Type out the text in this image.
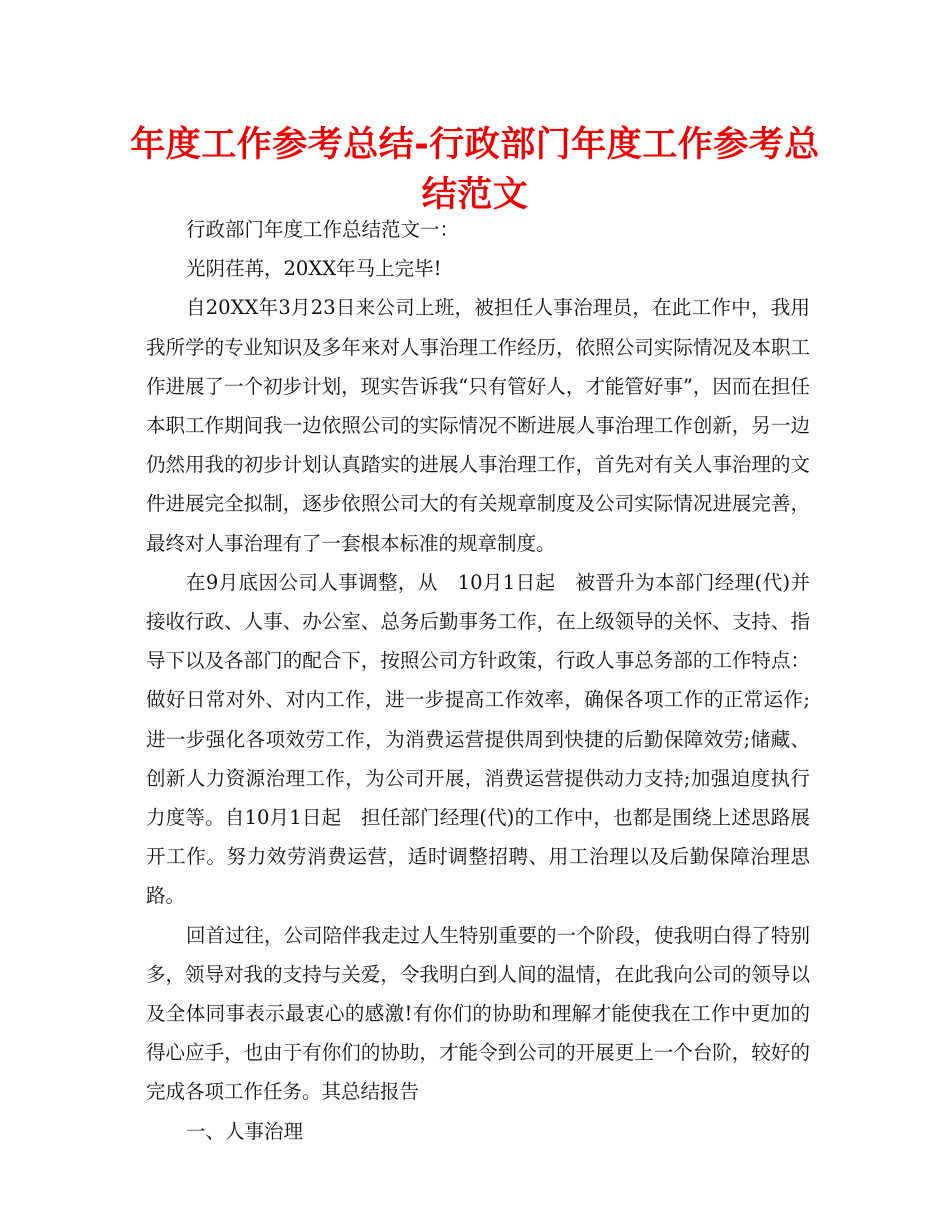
年度工作参考总结-行政部门年度工作参考总结范文

行政部门年度工作总结范文一：

光阴荏苒，20XX年马上完毕!

自20XX年3月23日来公司上班，被担任人事治理员，在此工作中，我用我所学的专业知识及多年来对人事治理工作经历，依照公司实际情况及本职工作进展了一个初步计划，现实告诉我“只有管好人，才能管好事”，因而在担任本职工作期间我一边依照公司的实际情况不断进展人事治理工作创新，另一边仍然用我的初步计划认真踏实的进展人事治理工作，首先对有关人事治理的文件进展完全拟制，逐步依照公司大的有关规章制度及公司实际情况进展完善，最终对人事治理有了一套根本标准的规章制度。

在9月底因公司人事调整，从　10月1日起　被晋升为本部门经理(代)并接收行政、人事、办公室、总务后勤事务工作，在上级领导的关怀、支持、指导下以及各部门的配合下，按照公司方针政策，行政人事总务部的工作特点：做好日常对外、对内工作，进一步提高工作效率，确保各项工作的正常运作;进一步强化各项效劳工作，为消费运营提供周到快捷的后勤保障效劳;储藏、创新人力资源治理工作，为公司开展，消费运营提供动力支持;加强迫度执行力度等。自10月1日起　担任部门经理(代)的工作中，也都是围绕上述思路展开工作。努力效劳消费运营，适时调整招聘、用工治理以及后勤保障治理思路。

回首过往，公司陪伴我走过人生特别重要的一个阶段，使我明白得了特别多，领导对我的支持与关爱，令我明白到人间的温情，在此我向公司的领导以及全体同事表示最衷心的感激!有你们的协助和理解才能使我在工作中更加的得心应手，也由于有你们的协助，才能令到公司的开展更上一个台阶，较好的完成各项工作任务。其总结报告

一、人事治理
